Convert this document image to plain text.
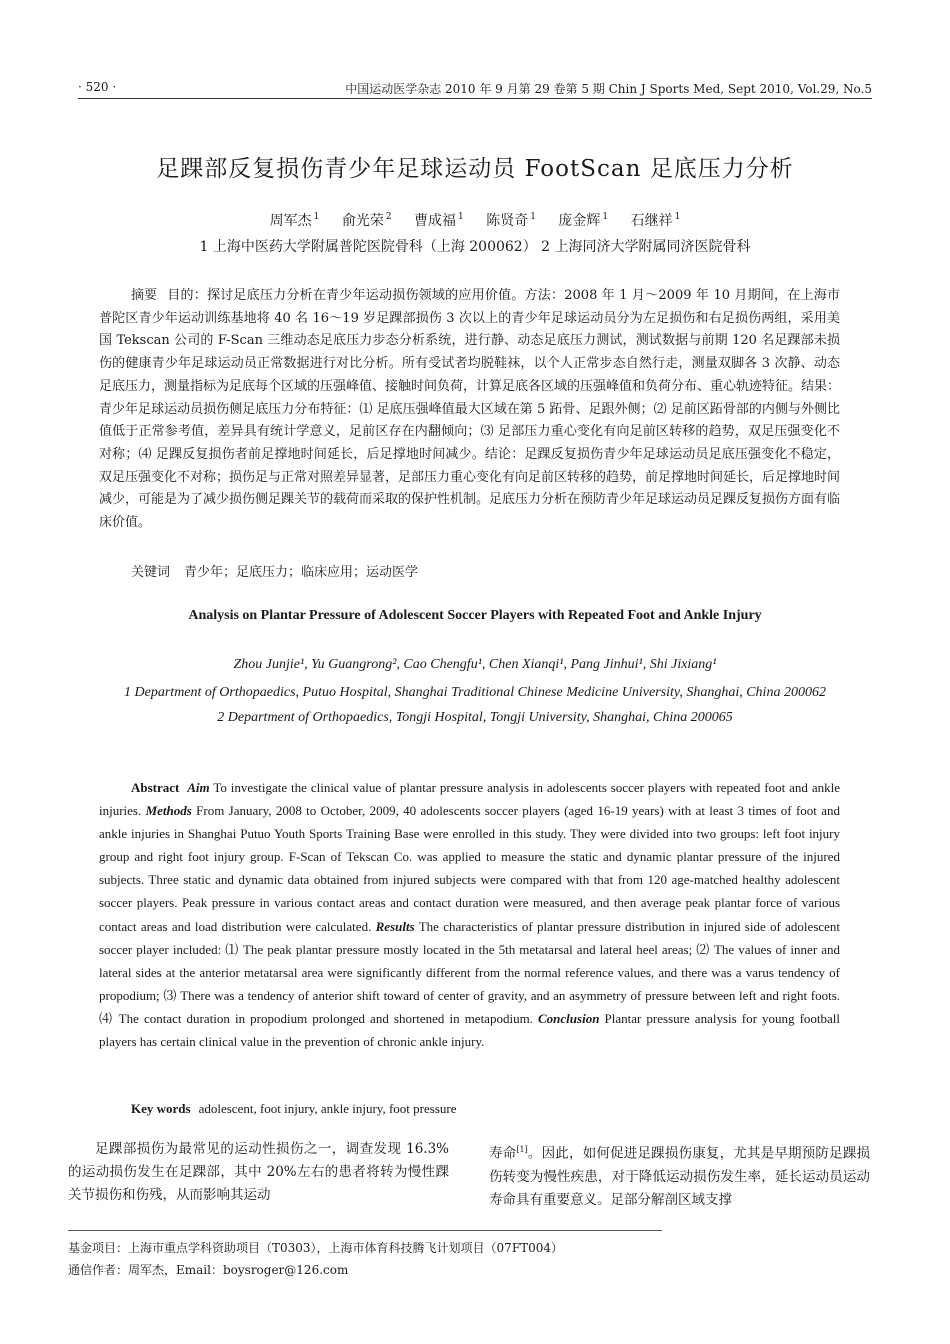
· 520 ·	中国运动医学杂志 2010 年 9 月第 29 卷第 5 期 Chin J Sports Med, Sept 2010, Vol.29, No.5
足踝部反复损伤青少年足球运动员 FootScan 足底压力分析
周军杰 $^1$ 俞光荣 $^2$ 曹成福 $^1$ 陈贤奇 $^1$ 庞金辉 $^1$ 石继祥 $^1$
1 上海中医药大学附属普陀医院骨科（上海 200062） 2 上海同济大学附属同济医院骨科
摘要 目的：探讨足底压力分析在青少年运动损伤领域的应用价值。方法：2008 年 1 月～2009 年 10 月期间，在上海市普陀区青少年运动训练基地将 40 名 16～19 岁足踝部损伤 3 次以上的青少年足球运动员分为左足损伤和右足损伤两组，采用美国 Tekscan 公司的 F-Scan 三维动态足底压力步态分析系统，进行静、动态足底压力测试，测试数据与前期 120 名足踝部未损伤的健康青少年足球运动员正常数据进行对比分析。所有受试者均脱鞋袜，以个人正常步态自然行走，测量双脚各 3 次静、动态足底压力，测量指标为足底每个区域的压强峰值、接触时间负荷，计算足底各区域的压强峰值和负荷分布、重心轨迹特征。结果：青少年足球运动员损伤侧足底压力分布特征：⑴ 足底压强峰值最大区域在第 5 跖骨、足跟外侧；⑵ 足前区跖骨部的内侧与外侧比值低于正常参考值，差异具有统计学意义，足前区存在内翻倾向；⑶ 足部压力重心变化有向足前区转移的趋势，双足压强变化不对称；⑷ 足踝反复损伤者前足撑地时间延长，后足撑地时间减少。结论：足踝反复损伤青少年足球运动员足底压强变化不稳定，双足压强变化不对称；损伤足与正常对照差异显著，足部压力重心变化有向足前区转移的趋势，前足撑地时间延长，后足撑地时间减少，可能是为了减少损伤侧足踝关节的载荷而采取的保护性机制。足底压力分析在预防青少年足球运动员足踝反复损伤方面有临床价值。
关键词 青少年；足底压力；临床应用；运动医学
Analysis on Plantar Pressure of Adolescent Soccer Players with Repeated Foot and Ankle Injury
Zhou Junjie¹, Yu Guangrong², Cao Chengfu¹, Chen Xianqi¹, Pang Jinhui¹, Shi Jixiang¹
1 Department of Orthopaedics, Putuo Hospital, Shanghai Traditional Chinese Medicine University, Shanghai, China 200062
2 Department of Orthopaedics, Tongji Hospital, Tongji University, Shanghai, China 200065
Abstract Aim To investigate the clinical value of plantar pressure analysis in adolescents soccer players with repeated foot and ankle injuries. Methods From January, 2008 to October, 2009, 40 adolescents soccer players (aged 16-19 years) with at least 3 times of foot and ankle injuries in Shanghai Putuo Youth Sports Training Base were enrolled in this study. They were divided into two groups: left foot injury group and right foot injury group. F-Scan of Tekscan Co. was applied to measure the static and dynamic plantar pressure of the injured subjects. Three static and dynamic data obtained from injured subjects were compared with that from 120 age-matched healthy adolescent soccer players. Peak pressure in various contact areas and contact duration were measured, and then average peak plantar force of various contact areas and load distribution were calculated. Results The characteristics of plantar pressure distribution in injured side of adolescent soccer player included: ⑴ The peak plantar pressure mostly located in the 5th metatarsal and lateral heel areas; ⑵ The values of inner and lateral sides at the anterior metatarsal area were significantly different from the normal reference values, and there was a varus tendency of propodium; ⑶ There was a tendency of anterior shift toward of center of gravity, and an asymmetry of pressure between left and right foots. ⑷ The contact duration in propodium prolonged and shortened in metapodium. Conclusion Plantar pressure analysis for young football players has certain clinical value in the prevention of chronic ankle injury.
Key words adolescent, foot injury, ankle injury, foot pressure
足踝部损伤为最常见的运动性损伤之一，调查发现 16.3%的运动损伤发生在足踝部，其中 20%左右的患者将转为慢性踝关节损伤和伤残，从而影响其运动
寿命[1]。因此，如何促进足踝损伤康复，尤其是早期预防足踝损伤转变为慢性疾患，对于降低运动损伤发生率，延长运动员运动寿命具有重要意义。足部分解剖区域支撑
基金项目：上海市重点学科资助项目（T0303），上海市体育科技腾飞计划项目（07FT004）
通信作者：周军杰，Email：boysroger@126.com
